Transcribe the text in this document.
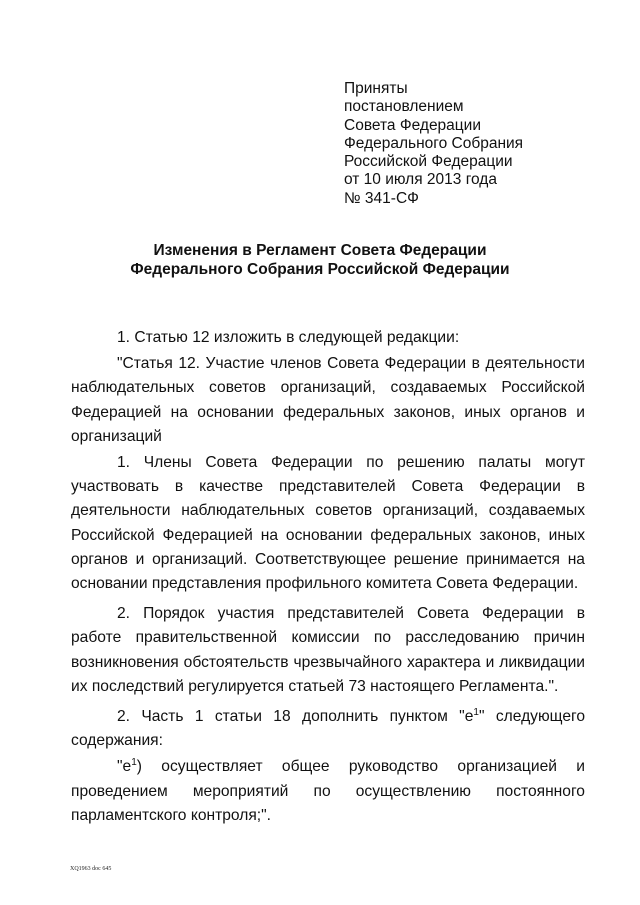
Приняты
постановлением
Совета Федерации
Федерального Собрания
Российской Федерации
от 10 июля 2013 года
№ 341-СФ
Изменения в Регламент Совета Федерации
Федерального Собрания Российской Федерации

1. Статью 12 изложить в следующей редакции:

"Статья 12. Участие членов Совета Федерации в деятельности наблюдательных советов организаций, создаваемых Российской Федерацией на основании федеральных законов, иных органов и организаций

1. Члены Совета Федерации по решению палаты могут участвовать в качестве представителей Совета Федерации в деятельности наблюдательных советов организаций, создаваемых Российской Федерацией на основании федеральных законов, иных органов и организаций. Соответствующее решение принимается на основании представления профильного комитета Совета Федерации.

2. Порядок участия представителей Совета Федерации в работе правительственной комиссии по расследованию причин возникновения обстоятельств чрезвычайного характера и ликвидации их последствий регулируется статьей 73 настоящего Регламента.".

2. Часть 1 статьи 18 дополнить пунктом "$е^1$" следующего содержания:

"$е^1$) осуществляет общее руководство организацией и проведением мероприятий по осуществлению постоянного парламентского контроля;".

XQ1963 doc 645
